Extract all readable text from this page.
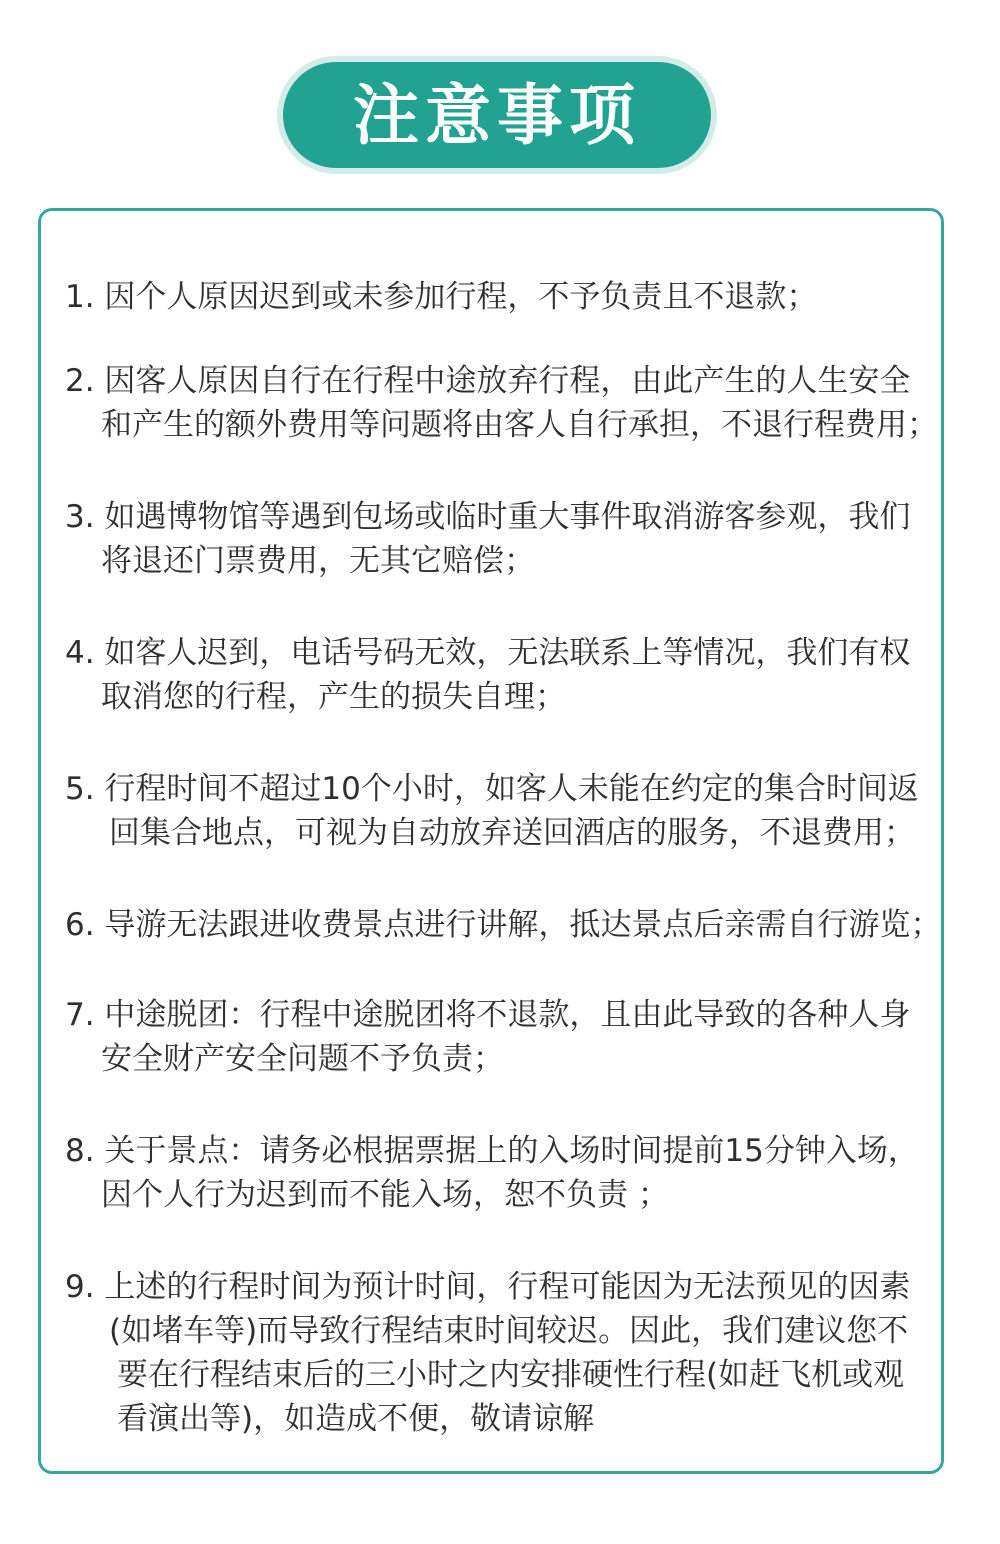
注意事项
1. 因个人原因迟到或未参加行程，不予负责且不退款；
2. 因客人原因自行在行程中途放弃行程，由此产生的人生安全
和产生的额外费用等问题将由客人自行承担，不退行程费用；
3. 如遇博物馆等遇到包场或临时重大事件取消游客参观，我们
将退还门票费用，无其它赔偿；
4. 如客人迟到，电话号码无效，无法联系上等情况，我们有权
取消您的行程，产生的损失自理；
5. 行程时间不超过10个小时，如客人未能在约定的集合时间返
回集合地点，可视为自动放弃送回酒店的服务，不退费用；
6. 导游无法跟进收费景点进行讲解，抵达景点后亲需自行游览；
7. 中途脱团：行程中途脱团将不退款，且由此导致的各种人身
安全财产安全问题不予负责；
8. 关于景点：请务必根据票据上的入场时间提前15分钟入场，
因个人行为迟到而不能入场，恕不负责 ；
9. 上述的行程时间为预计时间，行程可能因为无法预见的因素
(如堵车等)而导致行程结束时间较迟。因此，我们建议您不
要在行程结束后的三小时之内安排硬性行程(如赶飞机或观
看演出等)，如造成不便，敬请谅解
